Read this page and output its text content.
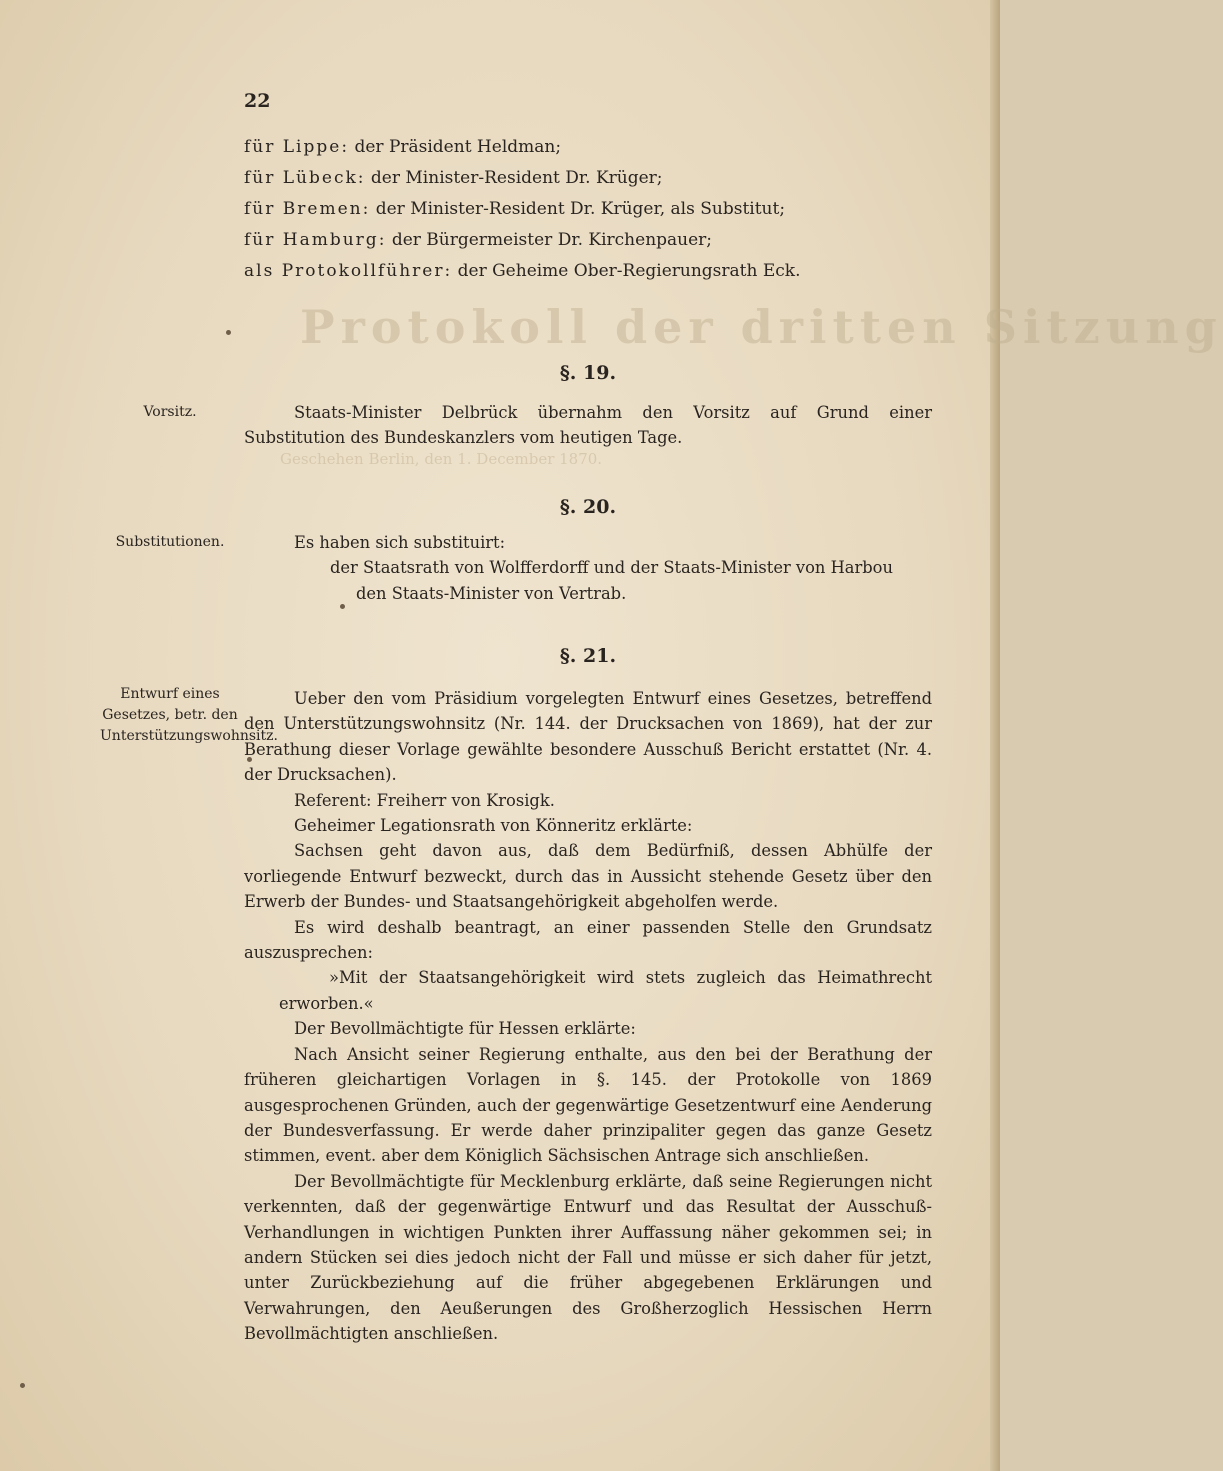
Protokoll der dritten Sitzung
Geschehen Berlin, den 1. December 1870.
22
für Lippe: der Präsident Heldman;
für Lübeck: der Minister-Resident Dr. Krüger;
für Bremen: der Minister-Resident Dr. Krüger, als Substitut;
für Hamburg: der Bürgermeister Dr. Kirchenpauer;
als Protokollführer: der Geheime Ober-Regierungsrath Eck.
§. 19.
Vorsitz.	Staats-Minister Delbrück übernahm den Vorsitz auf Grund einer Substitution des Bundeskanzlers vom heutigen Tage.

§. 20.
Substitutionen.	Es haben sich substituirt:

der Staatsrath von Wolfferdorff und der Staats-Minister von Harbou
den Staats-Minister von Vertrab.
§. 21.
Entwurf eines Gesetzes, betr. den Unterstützungswohnsitz.

Ueber den vom Präsidium vorgelegten Entwurf eines Gesetzes, betreffend den Unterstützungswohnsitz (Nr. 144. der Drucksachen von 1869), hat der zur Berathung dieser Vorlage gewählte besondere Ausschuß Bericht erstattet (Nr. 4. der Drucksachen).

Referent: Freiherr von Krosigk.

Geheimer Legationsrath von Könneritz erklärte:

Sachsen geht davon aus, daß dem Bedürfniß, dessen Abhülfe der vorliegende Entwurf bezweckt, durch das in Aussicht stehende Gesetz über den Erwerb der Bundes- und Staatsangehörigkeit abgeholfen werde.

Es wird deshalb beantragt, an einer passenden Stelle den Grundsatz auszusprechen:

»Mit der Staatsangehörigkeit wird stets zugleich das Heimathrecht erworben.«

Der Bevollmächtigte für Hessen erklärte:

Nach Ansicht seiner Regierung enthalte, aus den bei der Berathung der früheren gleichartigen Vorlagen in §. 145. der Protokolle von 1869 ausgesprochenen Gründen, auch der gegenwärtige Gesetzentwurf eine Aenderung der Bundesverfassung. Er werde daher prinzipaliter gegen das ganze Gesetz stimmen, event. aber dem Königlich Sächsischen Antrage sich anschließen.

Der Bevollmächtigte für Mecklenburg erklärte, daß seine Regierungen nicht verkennten, daß der gegenwärtige Entwurf und das Resultat der Ausschuß-Verhandlungen in wichtigen Punkten ihrer Auffassung näher gekommen sei; in andern Stücken sei dies jedoch nicht der Fall und müsse er sich daher für jetzt, unter Zurückbeziehung auf die früher abgegebenen Erklärungen und Verwahrungen, den Aeußerungen des Großherzoglich Hessischen Herrn Bevollmächtigten anschließen.
